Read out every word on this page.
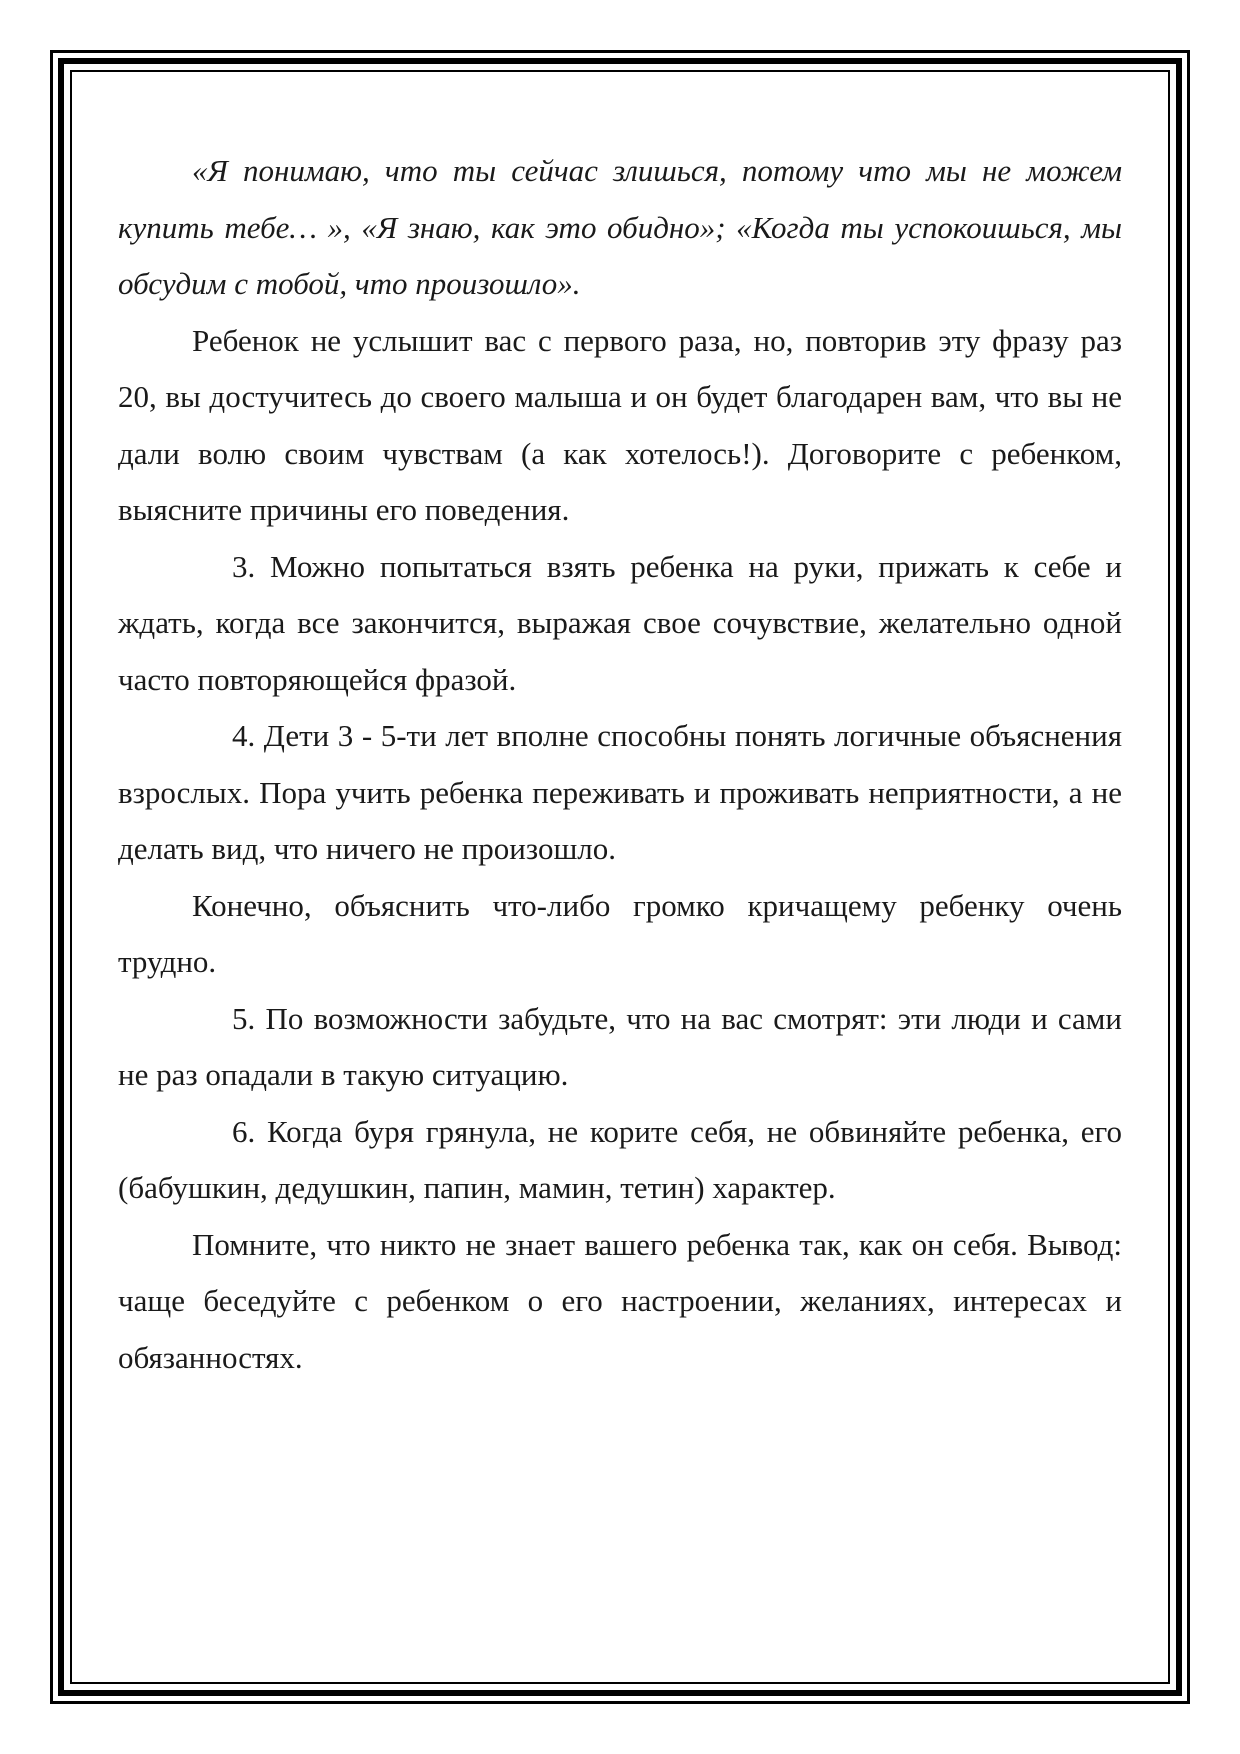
«Я понимаю, что ты сейчас злишься, потому что мы не можем купить тебе… », «Я знаю, как это обидно»; «Когда ты успокоишься, мы обсудим с тобой, что произошло».

Ребенок не услышит вас с первого раза, но, повторив эту фразу раз 20, вы достучитесь до своего малыша и он будет благодарен вам, что вы не дали волю своим чувствам (а как хотелось!). Договорите с ребенком, выясните причины его поведения.

3. Можно попытаться взять ребенка на руки, прижать к себе и ждать, когда все закончится, выражая свое сочувствие, желательно одной часто повторяющейся фразой.

4. Дети 3 - 5-ти лет вполне способны понять логичные объяснения взрослых. Пора учить ребенка переживать и проживать неприятности, а не делать вид, что ничего не произошло.

Конечно, объяснить что-либо громко кричащему ребенку очень трудно.

5. По возможности забудьте, что на вас смотрят: эти люди и сами не раз опадали в такую ситуацию.

6. Когда буря грянула, не корите себя, не обвиняйте ребенка, его (бабушкин, дедушкин, папин, мамин, тетин) характер.

Помните, что никто не знает вашего ребенка так, как он себя. Вывод: чаще беседуйте с ребенком о его настроении, желаниях, интересах и обязанностях.
